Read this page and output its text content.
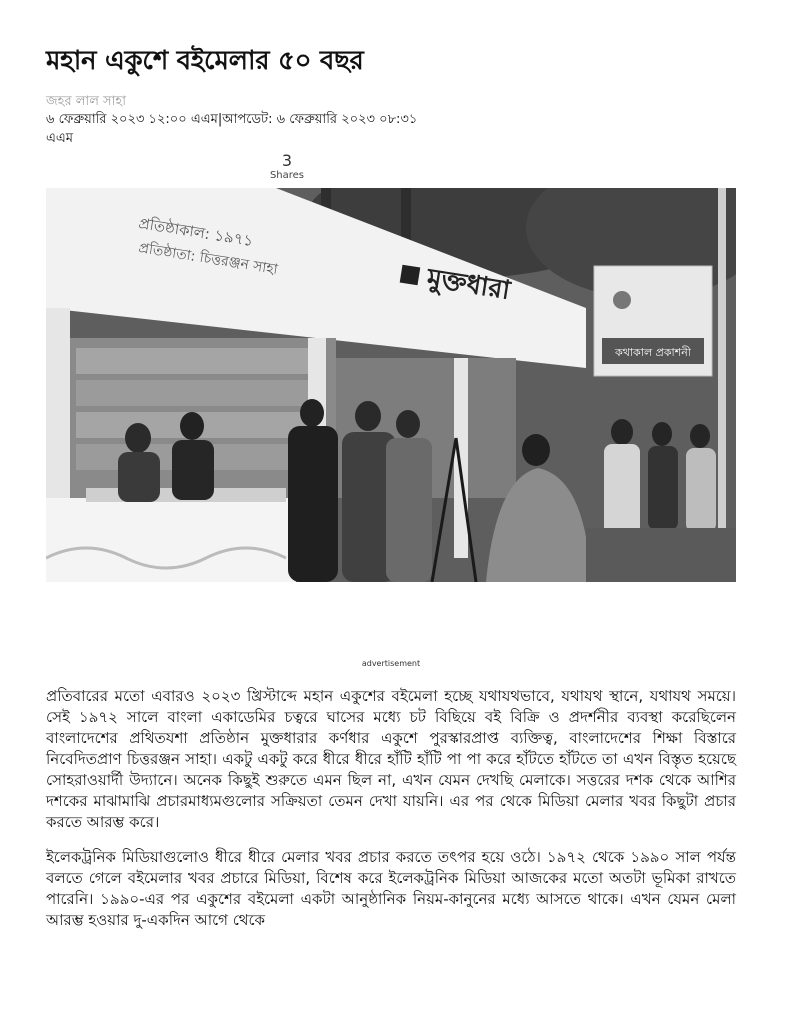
মহান একুশে বইমেলার ৫০ বছর
জহর লাল সাহা
৬ ফেব্রুয়ারি ২০২৩ ১২:০০ এএম|আপডেট: ৬ ফেব্রুয়ারি ২০২৩ ০৮:৩১ এএম
3
Shares
প্রতিষ্ঠাকাল: ১৯৭১
প্রতিষ্ঠাতা: চিত্তরঞ্জন সাহা
মুক্তধারা
কথাকাল প্রকাশনী
advertisement

প্রতিবারের মতো এবারও ২০২৩ খ্রিস্টাব্দে মহান একুশের বইমেলা হচ্ছে যথাযথভাবে, যথাযথ স্থানে, যথাযথ সময়ে। সেই ১৯৭২ সালে বাংলা একাডেমির চত্বরে ঘাসের মধ্যে চট বিছিয়ে বই বিক্রি ও প্রদর্শনীর ব্যবস্থা করেছিলেন বাংলাদেশের প্রথিতযশা প্রতিষ্ঠান মুক্তধারার কর্ণধার একুশে পুরস্কারপ্রাপ্ত ব্যক্তিত্ব, বাংলাদেশের শিক্ষা বিস্তারে নিবেদিতপ্রাণ চিত্তরঞ্জন সাহা। একটু একটু করে ধীরে ধীরে হাঁটি হাঁটি পা পা করে হাঁটতে হাঁটতে তা এখন বিস্তৃত হয়েছে সোহরাওয়ার্দী উদ্যানে। অনেক কিছুই শুরুতে এমন ছিল না, এখন যেমন দেখছি মেলাকে। সত্তরের দশক থেকে আশির দশকের মাঝামাঝি প্রচারমাধ্যমগুলোর সক্রিয়তা তেমন দেখা যায়নি। এর পর থেকে মিডিয়া মেলার খবর কিছুটা প্রচার করতে আরম্ভ করে।

ইলেকট্রনিক মিডিয়াগুলোও ধীরে ধীরে মেলার খবর প্রচার করতে তৎপর হয়ে ওঠে। ১৯৭২ থেকে ১৯৯০ সাল পর্যন্ত বলতে গেলে বইমেলার খবর প্রচারে মিডিয়া, বিশেষ করে ইলেকট্রনিক মিডিয়া আজকের মতো অতটা ভূমিকা রাখতে পারেনি। ১৯৯০-এর পর একুশের বইমেলা একটা আনুষ্ঠানিক নিয়ম-কানুনের মধ্যে আসতে থাকে। এখন যেমন মেলা আরম্ভ হওয়ার দু-একদিন আগে থেকে
